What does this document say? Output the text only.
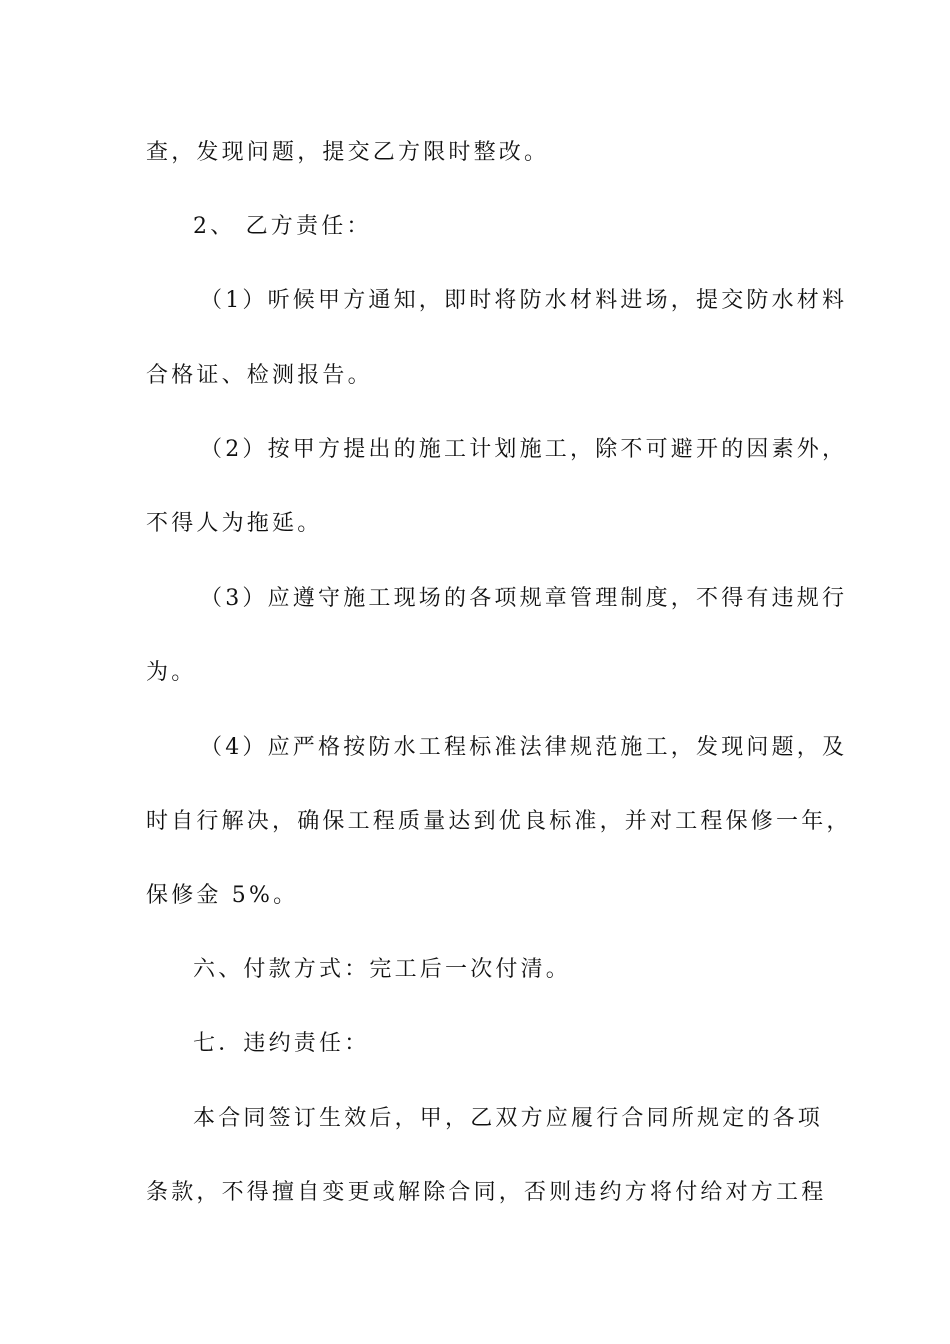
查，发现问题，提交乙方限时整改。
2、 乙方责任：
（1）听候甲方通知，即时将防水材料进场，提交防水材料
合格证、检测报告。
（2）按甲方提出的施工计划施工，除不可避开的因素外，
不得人为拖延。
（3）应遵守施工现场的各项规章管理制度，不得有违规行
为。
（4）应严格按防水工程标准法律规范施工，发现问题，及
时自行解决，确保工程质量达到优良标准，并对工程保修一年，
保修金 5%。
六、付款方式：完工后一次付清。
七．违约责任：
本合同签订生效后，甲，乙双方应履行合同所规定的各项
条款，不得擅自变更或解除合同，否则违约方将付给对方工程
